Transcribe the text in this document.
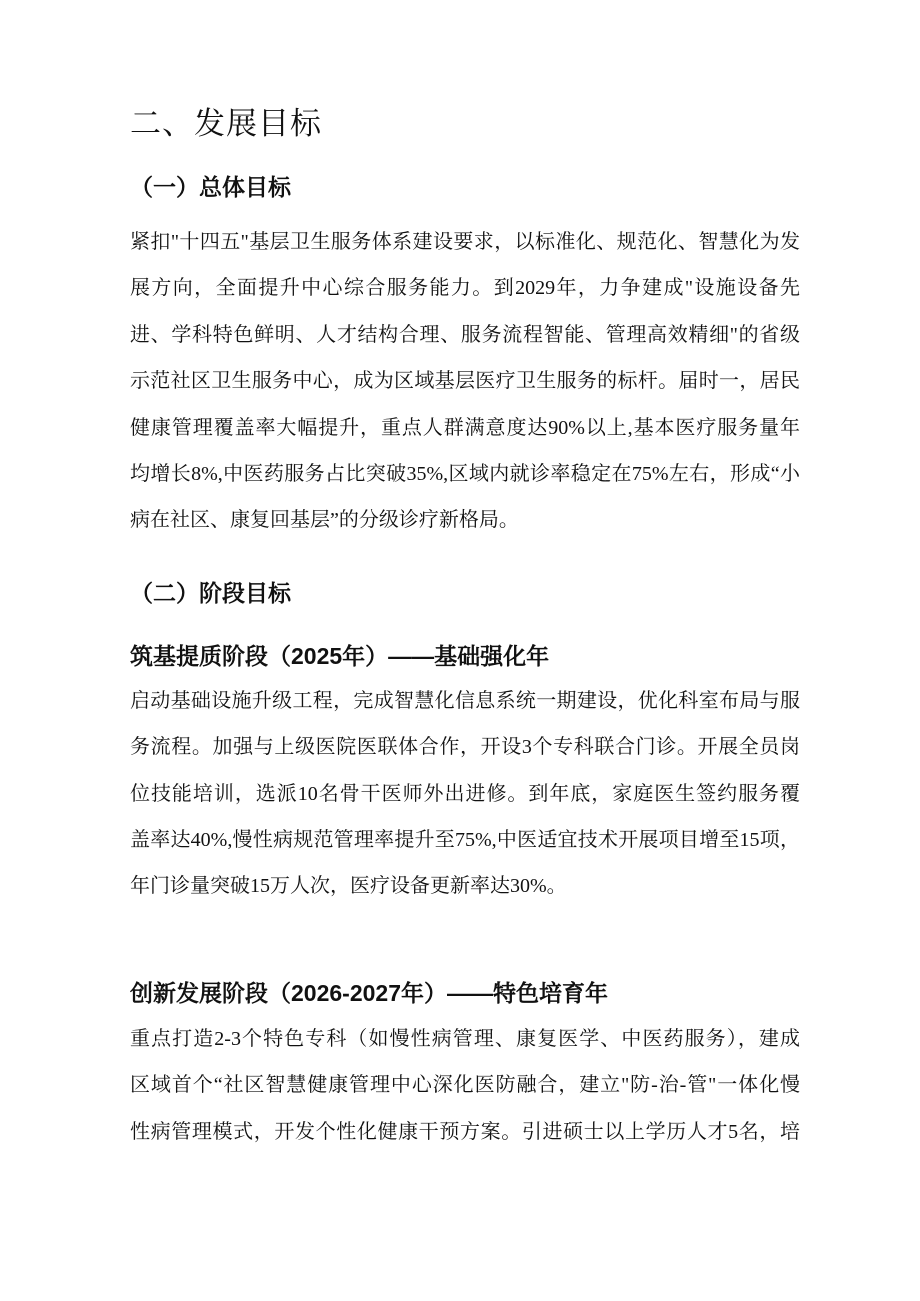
二、发展目标
（一）总体目标
紧扣"十四五"基层卫生服务体系建设要求，以标准化、规范化、智慧化为发
展方向，全面提升中心综合服务能力。到2029年，力争建成"设施设备先
进、学科特色鲜明、人才结构合理、服务流程智能、管理高效精细"的省级
示范社区卫生服务中心，成为区域基层医疗卫生服务的标杆。届时一，居民
健康管理覆盖率大幅提升，重点人群满意度达90%以上,基本医疗服务量年
均增长8%,中医药服务占比突破35%,区域内就诊率稳定在75%左右，形成“小
病在社区、康复回基层”的分级诊疗新格局。
（二）阶段目标
筑基提质阶段（2025年）——基础强化年
启动基础设施升级工程，完成智慧化信息系统一期建设，优化科室布局与服
务流程。加强与上级医院医联体合作，开设3个专科联合门诊。开展全员岗
位技能培训，选派10名骨干医师外出进修。到年底，家庭医生签约服务覆
盖率达40%,慢性病规范管理率提升至75%,中医适宜技术开展项目增至15项，
年门诊量突破15万人次，医疗设备更新率达30%。
创新发展阶段（2026-2027年）——特色培育年
重点打造2-3个特色专科（如慢性病管理、康复医学、中医药服务），建成
区域首个“社区智慧健康管理中心深化医防融合，建立"防-治-管"一体化慢
性病管理模式，开发个性化健康干预方案。引进硕士以上学历人才5名，培
